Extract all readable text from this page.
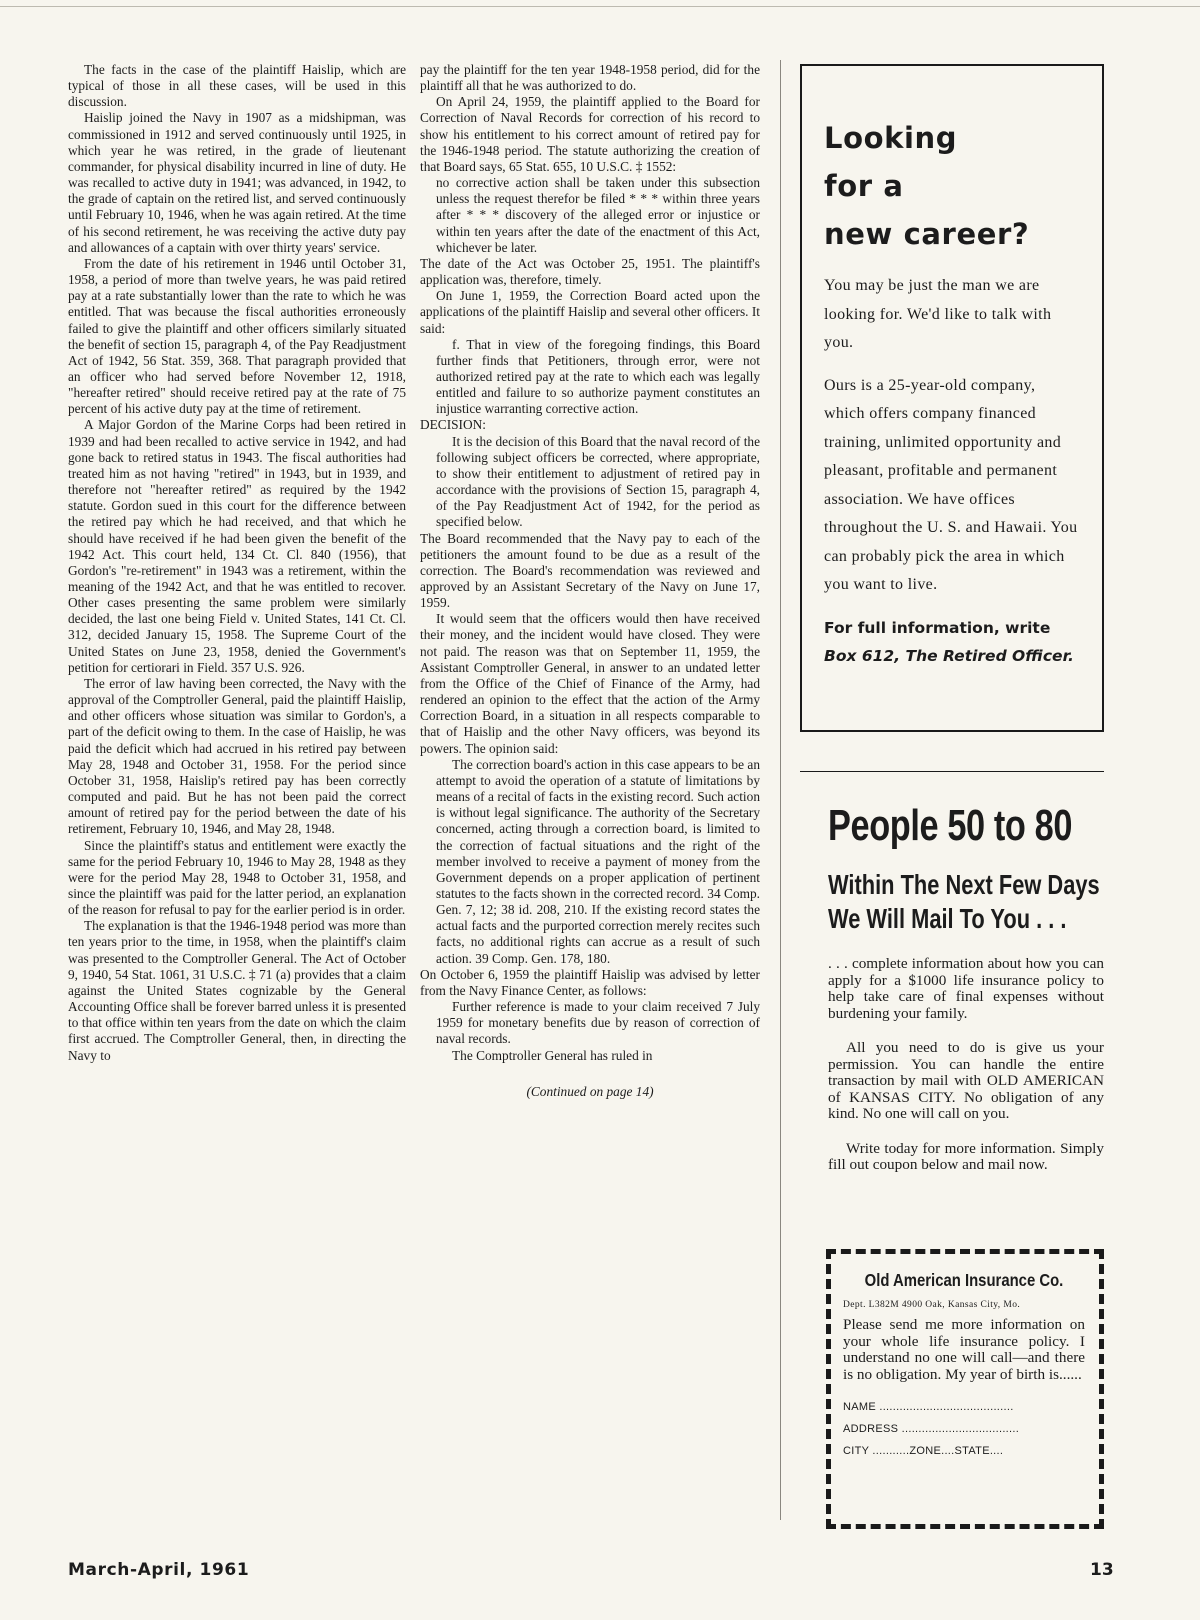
The facts in the case of the plaintiff Haislip, which are typical of those in all these cases, will be used in this discussion.

Haislip joined the Navy in 1907 as a midshipman, was commissioned in 1912 and served continuously until 1925, in which year he was retired, in the grade of lieutenant commander, for physical disability incurred in line of duty. He was recalled to active duty in 1941; was advanced, in 1942, to the grade of captain on the retired list, and served continuously until February 10, 1946, when he was again retired. At the time of his second retirement, he was receiving the active duty pay and allowances of a captain with over thirty years' service.

From the date of his retirement in 1946 until October 31, 1958, a period of more than twelve years, he was paid retired pay at a rate substantially lower than the rate to which he was entitled. That was because the fiscal authorities erroneously failed to give the plaintiff and other officers similarly situated the benefit of section 15, paragraph 4, of the Pay Readjustment Act of 1942, 56 Stat. 359, 368. That paragraph provided that an officer who had served before November 12, 1918, "hereafter retired" should receive retired pay at the rate of 75 percent of his active duty pay at the time of retirement.

A Major Gordon of the Marine Corps had been retired in 1939 and had been recalled to active service in 1942, and had gone back to retired status in 1943. The fiscal authorities had treated him as not having "retired" in 1943, but in 1939, and therefore not "hereafter retired" as required by the 1942 statute. Gordon sued in this court for the difference between the retired pay which he had received, and that which he should have received if he had been given the benefit of the 1942 Act. This court held, 134 Ct. Cl. 840 (1956), that Gordon's "re-retirement" in 1943 was a retirement, within the meaning of the 1942 Act, and that he was entitled to recover. Other cases presenting the same problem were similarly decided, the last one being Field v. United States, 141 Ct. Cl. 312, decided January 15, 1958. The Supreme Court of the United States on June 23, 1958, denied the Government's petition for certiorari in Field. 357 U.S. 926.

The error of law having been corrected, the Navy with the approval of the Comptroller General, paid the plaintiff Haislip, and other officers whose situation was similar to Gordon's, a part of the deficit owing to them. In the case of Haislip, he was paid the deficit which had accrued in his retired pay between May 28, 1948 and October 31, 1958. For the period since October 31, 1958, Haislip's retired pay has been correctly computed and paid. But he has not been paid the correct amount of retired pay for the period between the date of his retirement, February 10, 1946, and May 28, 1948.

Since the plaintiff's status and entitlement were exactly the same for the period February 10, 1946 to May 28, 1948 as they were for the period May 28, 1948 to October 31, 1958, and since the plaintiff was paid for the latter period, an explanation of the reason for refusal to pay for the earlier period is in order.

The explanation is that the 1946-1948 period was more than ten years prior to the time, in 1958, when the plaintiff's claim was presented to the Comptroller General. The Act of October 9, 1940, 54 Stat. 1061, 31 U.S.C. ‡ 71 (a) provides that a claim against the United States cognizable by the General Accounting Office shall be forever barred unless it is presented to that office within ten years from the date on which the claim first accrued. The Comptroller General, then, in directing the Navy to

pay the plaintiff for the ten year 1948-1958 period, did for the plaintiff all that he was authorized to do.

On April 24, 1959, the plaintiff applied to the Board for Correction of Naval Records for correction of his record to show his entitlement to his correct amount of retired pay for the 1946-1948 period. The statute authorizing the creation of that Board says, 65 Stat. 655, 10 U.S.C. ‡ 1552:

no corrective action shall be taken under this subsection unless the request therefor be filed * * * within three years after * * * discovery of the alleged error or injustice or within ten years after the date of the enactment of this Act, whichever be later.

The date of the Act was October 25, 1951. The plaintiff's application was, therefore, timely.

On June 1, 1959, the Correction Board acted upon the applications of the plaintiff Haislip and several other officers. It said:

f. That in view of the foregoing findings, this Board further finds that Petitioners, through error, were not authorized retired pay at the rate to which each was legally entitled and failure to so authorize payment constitutes an injustice warranting corrective action.

DECISION:

It is the decision of this Board that the naval record of the following subject officers be corrected, where appropriate, to show their entitlement to adjustment of retired pay in accordance with the provisions of Section 15, paragraph 4, of the Pay Readjustment Act of 1942, for the period as specified below.

The Board recommended that the Navy pay to each of the petitioners the amount found to be due as a result of the correction. The Board's recommendation was reviewed and approved by an Assistant Secretary of the Navy on June 17, 1959.

It would seem that the officers would then have received their money, and the incident would have closed. They were not paid. The reason was that on September 11, 1959, the Assistant Comptroller General, in answer to an undated letter from the Office of the Chief of Finance of the Army, had rendered an opinion to the effect that the action of the Army Correction Board, in a situation in all respects comparable to that of Haislip and the other Navy officers, was beyond its powers. The opinion said:

The correction board's action in this case appears to be an attempt to avoid the operation of a statute of limitations by means of a recital of facts in the existing record. Such action is without legal significance. The authority of the Secretary concerned, acting through a correction board, is limited to the correction of factual situations and the right of the member involved to receive a payment of money from the Government depends on a proper application of pertinent statutes to the facts shown in the corrected record. 34 Comp. Gen. 7, 12; 38 id. 208, 210. If the existing record states the actual facts and the purported correction merely recites such facts, no additional rights can accrue as a result of such action. 39 Comp. Gen. 178, 180.

On October 6, 1959 the plaintiff Haislip was advised by letter from the Navy Finance Center, as follows:

Further reference is made to your claim received 7 July 1959 for monetary benefits due by reason of correction of naval records.
The Comptroller General has ruled in

(Continued on page 14)

Looking
for a
new career?

You may be just the man we are looking for. We'd like to talk with you.

Ours is a 25-year-old company, which offers company financed training, unlimited opportunity and pleasant, profitable and permanent association. We have offices throughout the U. S. and Hawaii. You can probably pick the area in which you want to live.

For full information, write
Box 612, The Retired Officer.
People 50 to 80
Within The Next Few Days
We Will Mail To You . . .

. . . complete information about how you can apply for a $1000 life insurance policy to help take care of final expenses without burdening your family.

All you need to do is give us your permission. You can handle the entire transaction by mail with OLD AMERICAN of KANSAS CITY. No obligation of any kind. No one will call on you.

Write today for more information. Simply fill out coupon below and mail now.

Old American Insurance Co.
Dept. L382M 4900 Oak, Kansas City, Mo.
Please send me more information on your whole life insurance policy. I understand no one will call—and there is no obligation. My year of birth is......
NAME ........................................
ADDRESS ...................................
CITY ...........ZONE....STATE....
March-April, 1961	13
